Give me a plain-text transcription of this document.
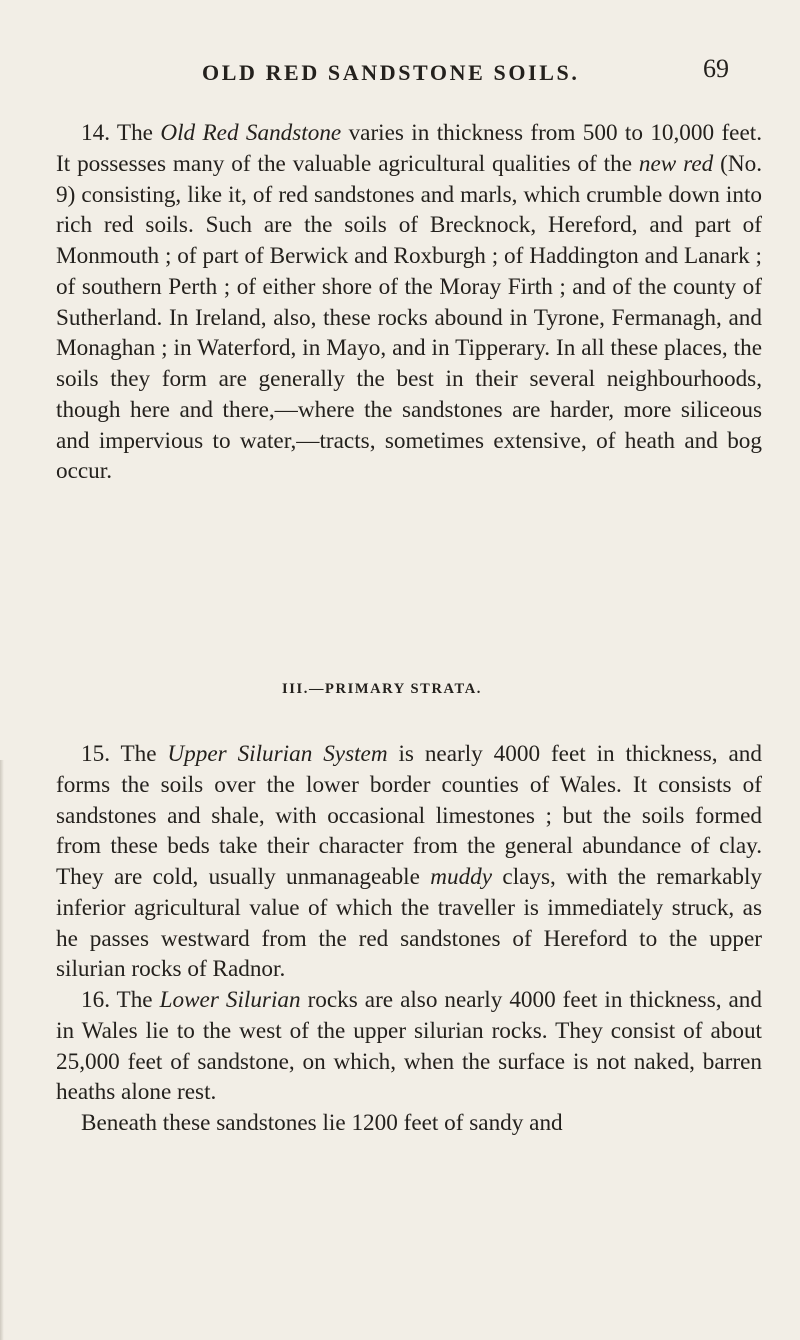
OLD RED SANDSTONE SOILS.	69

14. The Old Red Sandstone varies in thickness from 500 to 10,000 feet. It possesses many of the valuable agricultural qualities of the new red (No. 9) consisting, like it, of red sandstones and marls, which crumble down into rich red soils. Such are the soils of Brecknock, Hereford, and part of Monmouth ; of part of Berwick and Roxburgh ; of Haddington and Lanark ; of southern Perth ; of either shore of the Moray Firth ; and of the county of Sutherland. In Ireland, also, these rocks abound in Tyrone, Fermanagh, and Monaghan ; in Waterford, in Mayo, and in Tipperary. In all these places, the soils they form are generally the best in their several neighbourhoods, though here and there,—where the sandstones are harder, more siliceous and impervious to water,—tracts, sometimes extensive, of heath and bog occur.

III.—PRIMARY STRATA.

15. The Upper Silurian System is nearly 4000 feet in thickness, and forms the soils over the lower border counties of Wales. It consists of sandstones and shale, with occasional limestones ; but the soils formed from these beds take their character from the general abundance of clay. They are cold, usually unmanageable muddy clays, with the remarkably inferior agricultural value of which the traveller is immediately struck, as he passes westward from the red sandstones of Hereford to the upper silurian rocks of Radnor.

16. The Lower Silurian rocks are also nearly 4000 feet in thickness, and in Wales lie to the west of the upper silurian rocks. They consist of about 25,000 feet of sandstone, on which, when the surface is not naked, barren heaths alone rest.

Beneath these sandstones lie 1200 feet of sandy and
